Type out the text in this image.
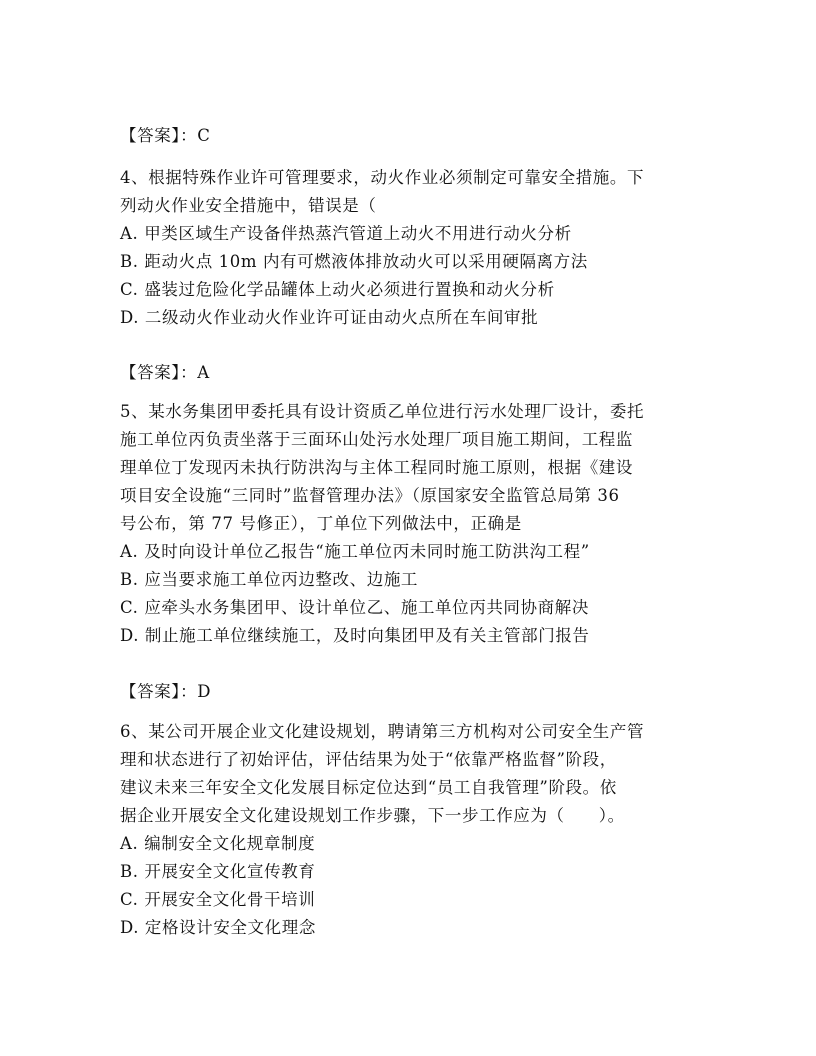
【答案】：C
4、根据特殊作业许可管理要求，动火作业必须制定可靠安全措施。下
列动火作业安全措施中，错误是（
A. 甲类区域生产设备伴热蒸汽管道上动火不用进行动火分析
B. 距动火点 10m 内有可燃液体排放动火可以采用硬隔离方法
C. 盛装过危险化学品罐体上动火必须进行置换和动火分析
D. 二级动火作业动火作业许可证由动火点所在车间审批
【答案】：A
5、某水务集团甲委托具有设计资质乙单位进行污水处理厂设计，委托
施工单位丙负责坐落于三面环山处污水处理厂项目施工期间，工程监
理单位丁发现丙未执行防洪沟与主体工程同时施工原则，根据《建设
项目安全设施“三同时”监督管理办法》（原国家安全监管总局第 36
号公布，第 77 号修正），丁单位下列做法中，正确是
A. 及时向设计单位乙报告“施工单位丙未同时施工防洪沟工程”
B. 应当要求施工单位丙边整改、边施工
C. 应牵头水务集团甲、设计单位乙、施工单位丙共同协商解决
D. 制止施工单位继续施工，及时向集团甲及有关主管部门报告
【答案】：D
6、某公司开展企业文化建设规划，聘请第三方机构对公司安全生产管
理和状态进行了初始评估，评估结果为处于“依靠严格监督”阶段，
建议未来三年安全文化发展目标定位达到“员工自我管理”阶段。依
据企业开展安全文化建设规划工作步骤，下一步工作应为（　　）。
A. 编制安全文化规章制度
B. 开展安全文化宣传教育
C. 开展安全文化骨干培训
D. 定格设计安全文化理念
